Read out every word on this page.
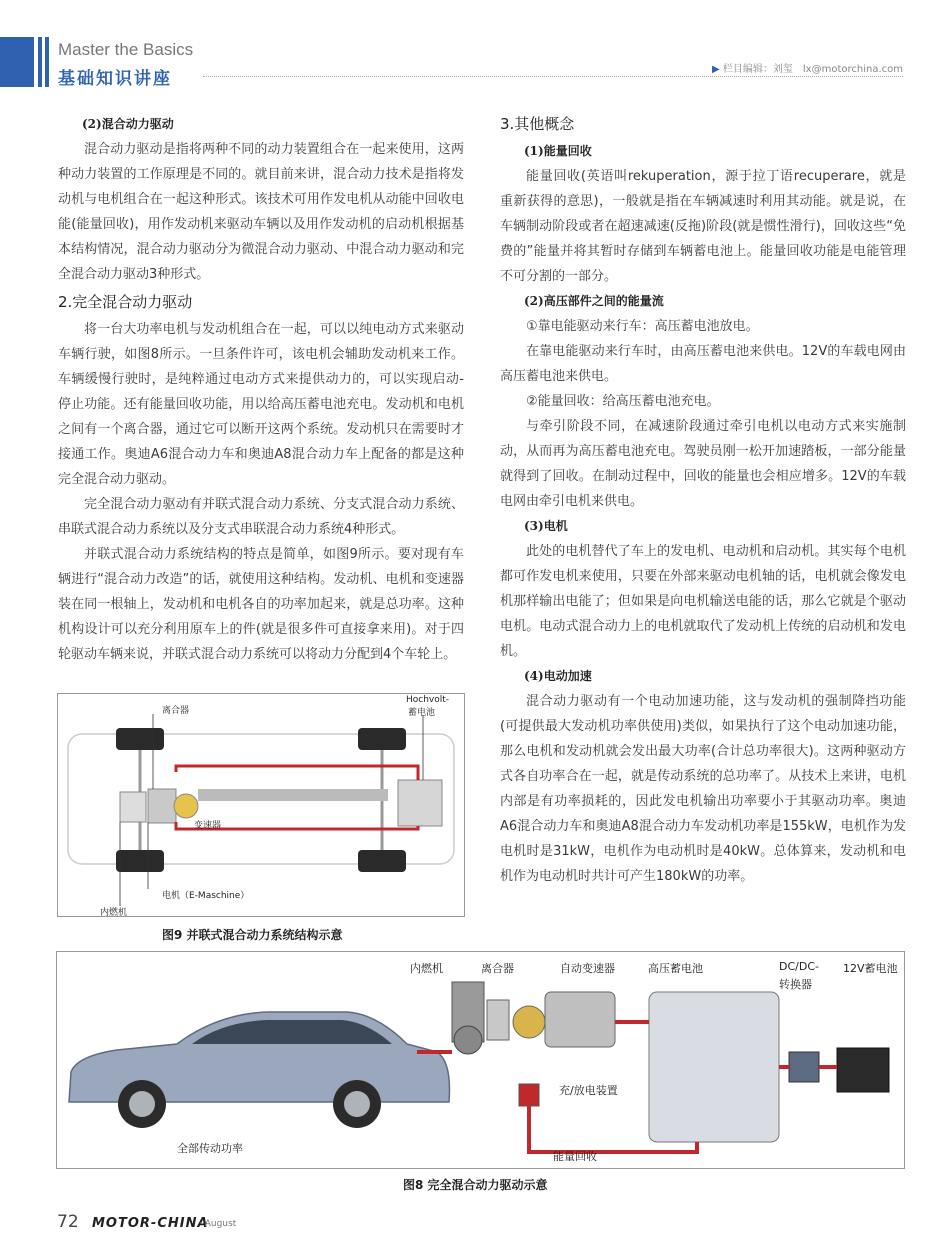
Master the Basics
基础知识讲座	▶ 栏目编辑：刘玺　lx@motorchina.com

(2)混合动力驱动

混合动力驱动是指将两种不同的动力装置组合在一起来使用，这两种动力装置的工作原理是不同的。就目前来讲，混合动力技术是指将发动机与电机组合在一起这种形式。该技术可用作发电机从动能中回收电能(能量回收)，用作发动机来驱动车辆以及用作发动机的启动机根据基本结构情况，混合动力驱动分为微混合动力驱动、中混合动力驱动和完全混合动力驱动3种形式。

2.完全混合动力驱动

将一台大功率电机与发动机组合在一起，可以以纯电动方式来驱动车辆行驶，如图8所示。一旦条件许可，该电机会辅助发动机来工作。车辆缓慢行驶时，是纯粹通过电动方式来提供动力的，可以实现启动-停止功能。还有能量回收功能，用以给高压蓄电池充电。发动机和电机之间有一个离合器，通过它可以断开这两个系统。发动机只在需要时才接通工作。奥迪A6混合动力车和奥迪A8混合动力车上配备的都是这种完全混合动力驱动。

完全混合动力驱动有并联式混合动力系统、分支式混合动力系统、串联式混合动力系统以及分支式串联混合动力系统4种形式。

并联式混合动力系统结构的特点是简单，如图9所示。要对现有车辆进行“混合动力改造”的话，就使用这种结构。发动机、电机和变速器装在同一根轴上，发动机和电机各自的功率加起来，就是总功率。这种机构设计可以充分利用原车上的件(就是很多件可直接拿来用)。对于四轮驱动车辆来说，并联式混合动力系统可以将动力分配到4个车轮上。

3.其他概念

(1)能量回收

能量回收(英语叫rekuperation，源于拉丁语recuperare，就是重新获得的意思)，一般就是指在车辆减速时利用其动能。就是说，在车辆制动阶段或者在超速减速(反拖)阶段(就是惯性滑行)，回收这些“免费的”能量并将其暂时存储到车辆蓄电池上。能量回收功能是电能管理不可分割的一部分。

(2)高压部件之间的能量流

①靠电能驱动来行车：高压蓄电池放电。

在靠电能驱动来行车时，由高压蓄电池来供电。12V的车载电网由高压蓄电池来供电。

②能量回收：给高压蓄电池充电。

与牵引阶段不同，在减速阶段通过牵引电机以电动方式来实施制动，从而再为高压蓄电池充电。驾驶员刚一松开加速踏板，一部分能量就得到了回收。在制动过程中，回收的能量也会相应增多。12V的车载电网由牵引电机来供电。

(3)电机

此处的电机替代了车上的发电机、电动机和启动机。其实每个电机都可作发电机来使用，只要在外部来驱动电机轴的话，电机就会像发电机那样输出电能了；但如果是向电机输送电能的话，那么它就是个驱动电机。电动式混合动力上的电机就取代了发动机上传统的启动机和发电机。

(4)电动加速

混合动力驱动有一个电动加速功能，这与发动机的强制降挡功能(可提供最大发动机功率供使用)类似，如果执行了这个电动加速功能，那么电机和发动机就会发出最大功率(合计总功率很大)。这两种驱动方式各自功率合在一起，就是传动系统的总功率了。从技术上来讲，电机内部是有功率损耗的，因此发电机输出功率要小于其驱动功率。奥迪A6混合动力车和奥迪A8混合动力车发动机功率是155kW，电机作为发电机时是31kW，电机作为电动机时是40kW。总体算来，发动机和电机作为电动机时共计可产生180kW的功率。

离合器
Hochvolt-
蓄电池
变速器
电机（E-Maschine）
内燃机
图9 并联式混合动力系统结构示意
内燃机	离合器	自动变速器	高压蓄电池	DC/DC-
转换器
12V蓄电池
充/放电装置
全部传动功率
能量回收
图8 完全混合动力驱动示意
72 MOTOR-CHINA
· August
